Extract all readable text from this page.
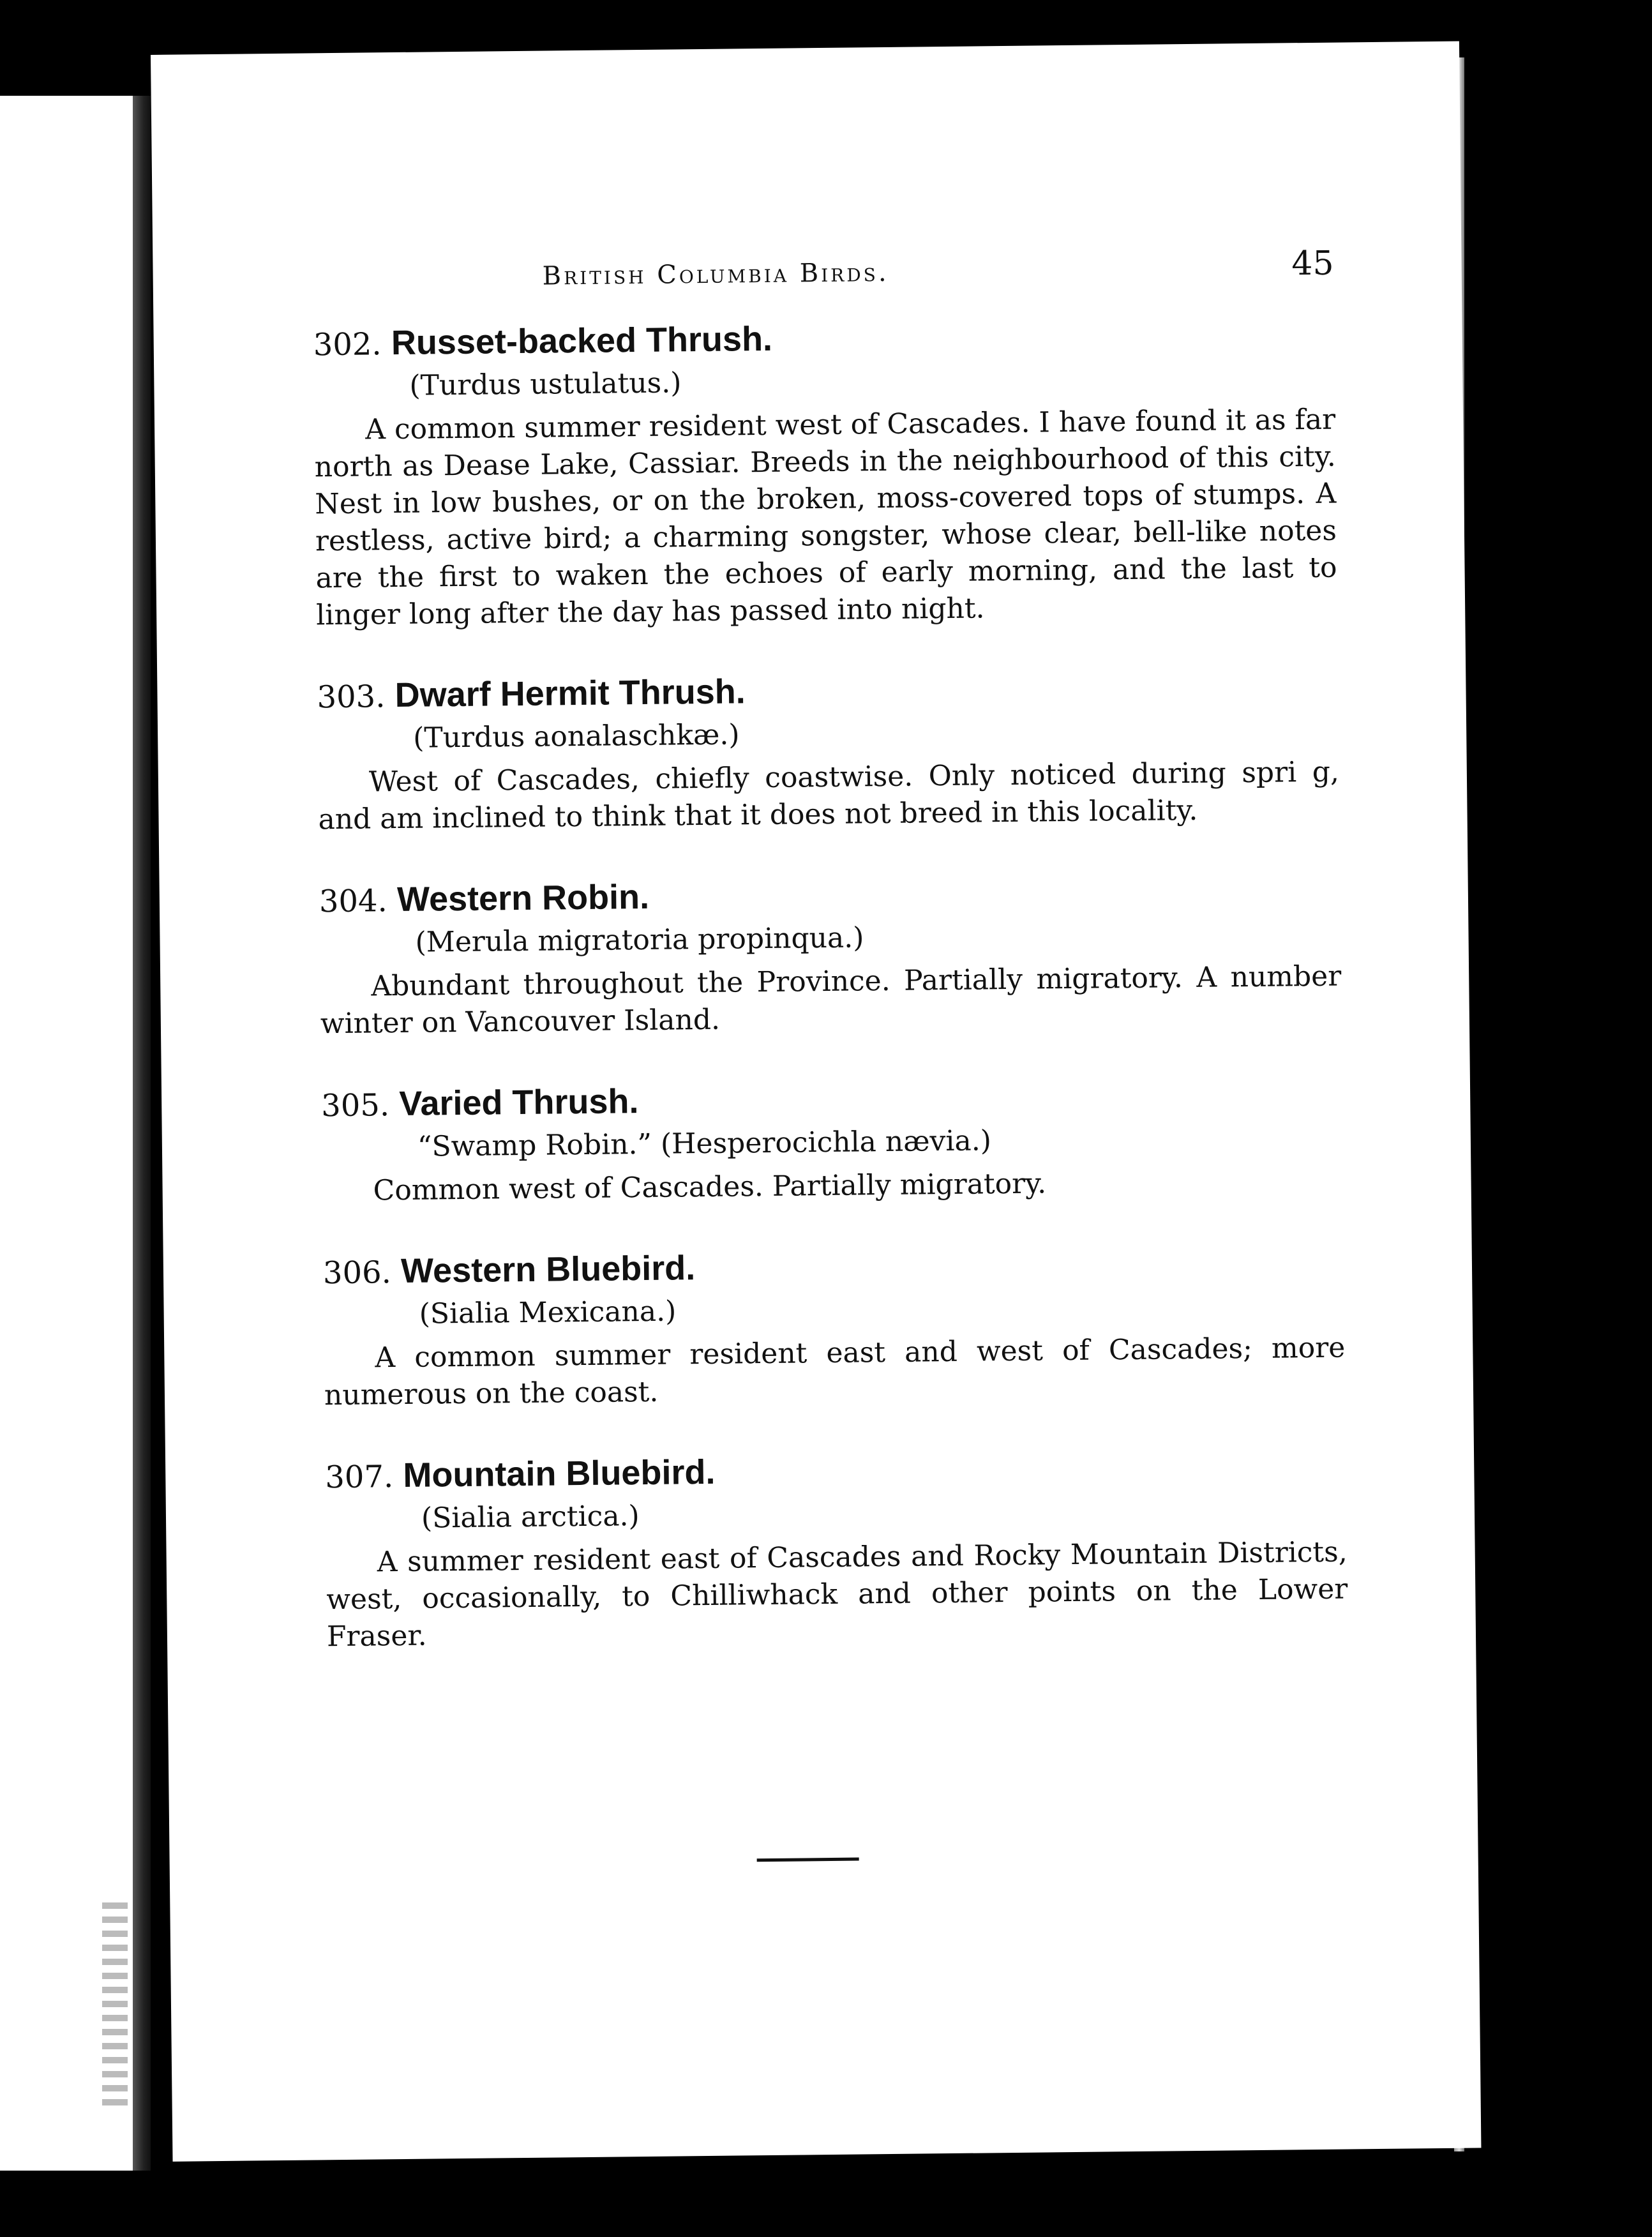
British Columbia Birds.	45
302. Russet-backed Thrush.
(Turdus ustulatus.)
A common summer resident west of Cascades. I have found it as far north as Dease Lake, Cassiar. Breeds in the neighbourhood of this city. Nest in low bushes, or on the broken, moss-covered tops of stumps. A restless, active bird; a charming songster, whose clear, bell-like notes are the first to waken the echoes of early morning, and the last to linger long after the day has passed into night.
303. Dwarf Hermit Thrush.
(Turdus aonalaschkæ.)
West of Cascades, chiefly coastwise. Only noticed during spri g, and am inclined to think that it does not breed in this locality.
304. Western Robin.
(Merula migratoria propinqua.)
Abundant throughout the Province. Partially migratory. A number winter on Vancouver Island.
305. Varied Thrush.
“Swamp Robin.” (Hesperocichla nævia.)
Common west of Cascades. Partially migratory.
306. Western Bluebird.
(Sialia Mexicana.)
A common summer resident east and west of Cascades; more numerous on the coast.
307. Mountain Bluebird.
(Sialia arctica.)
A summer resident east of Cascades and Rocky Mountain Districts, west, occasionally, to Chilliwhack and other points on the Lower Fraser.
